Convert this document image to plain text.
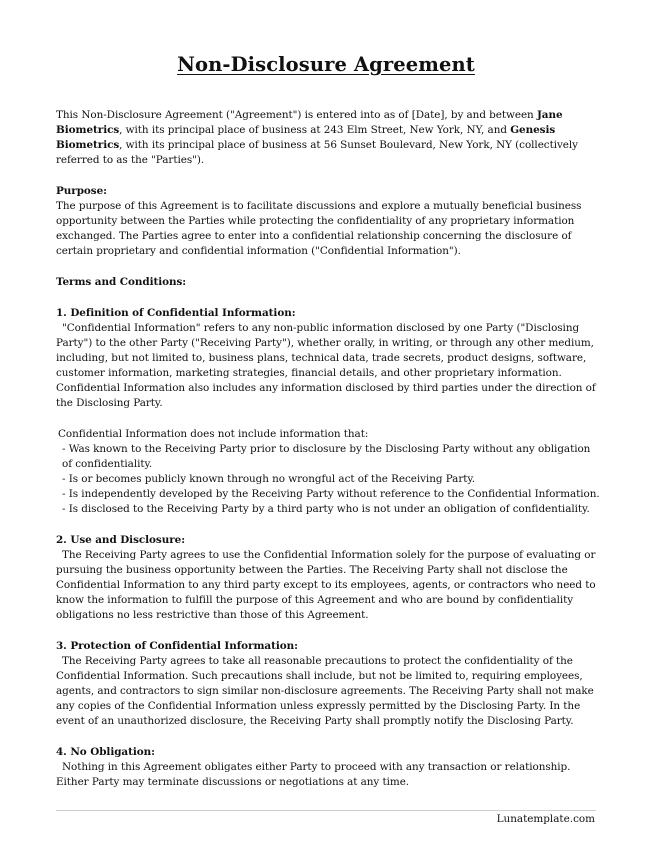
Non-Disclosure Agreement

This Non-Disclosure Agreement ("Agreement") is entered into as of [Date], by and between Jane Biometrics, with its principal place of business at 243 Elm Street, New York, NY, and Genesis Biometrics, with its principal place of business at 56 Sunset Boulevard, New York, NY (collectively referred to as the "Parties").

Purpose:

The purpose of this Agreement is to facilitate discussions and explore a mutually beneficial business opportunity between the Parties while protecting the confidentiality of any proprietary information exchanged. The Parties agree to enter into a confidential relationship concerning the disclosure of certain proprietary and confidential information ("Confidential Information").

Terms and Conditions:

1. Definition of Confidential Information:

"Confidential Information" refers to any non-public information disclosed by one Party ("Disclosing Party") to the other Party ("Receiving Party"), whether orally, in writing, or through any other medium, including, but not limited to, business plans, technical data, trade secrets, product designs, software, customer information, marketing strategies, financial details, and other proprietary information. Confidential Information also includes any information disclosed by third parties under the direction of the Disclosing Party.

Confidential Information does not include information that:

- Was known to the Receiving Party prior to disclosure by the Disclosing Party without any obligation of confidentiality.

- Is or becomes publicly known through no wrongful act of the Receiving Party.

- Is independently developed by the Receiving Party without reference to the Confidential Information.

- Is disclosed to the Receiving Party by a third party who is not under an obligation of confidentiality.

2. Use and Disclosure:

The Receiving Party agrees to use the Confidential Information solely for the purpose of evaluating or pursuing the business opportunity between the Parties. The Receiving Party shall not disclose the Confidential Information to any third party except to its employees, agents, or contractors who need to know the information to fulfill the purpose of this Agreement and who are bound by confidentiality obligations no less restrictive than those of this Agreement.

3. Protection of Confidential Information:

The Receiving Party agrees to take all reasonable precautions to protect the confidentiality of the Confidential Information. Such precautions shall include, but not be limited to, requiring employees, agents, and contractors to sign similar non-disclosure agreements. The Receiving Party shall not make any copies of the Confidential Information unless expressly permitted by the Disclosing Party. In the event of an unauthorized disclosure, the Receiving Party shall promptly notify the Disclosing Party.

4. No Obligation:

Nothing in this Agreement obligates either Party to proceed with any transaction or relationship. Either Party may terminate discussions or negotiations at any time.

Lunatemplate.com
